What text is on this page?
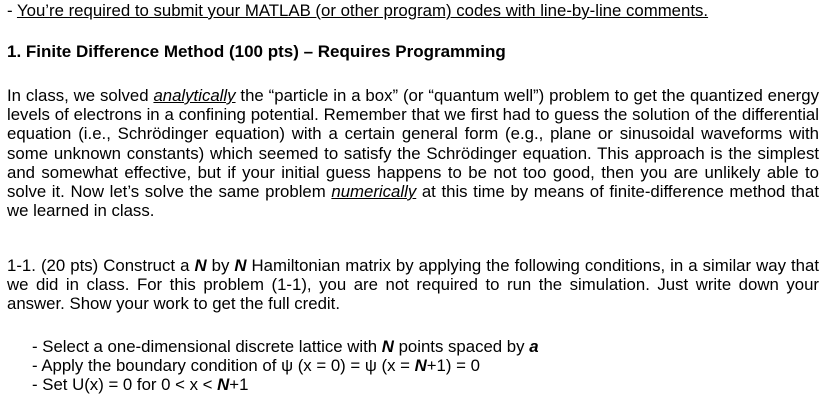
- You’re required to submit your MATLAB (or other program) codes with line-by-line comments.
1. Finite Difference Method (100 pts) – Requires Programming
In class, we solved analytically the “particle in a box” (or “quantum well”) problem to get the quantized energy levels of electrons in a confining potential. Remember that we first had to guess the solution of the differential equation (i.e., Schrödinger equation) with a certain general form (e.g., plane or sinusoidal waveforms with some unknown constants) which seemed to satisfy the Schrödinger equation. This approach is the simplest and somewhat effective, but if your initial guess happens to be not too good, then you are unlikely able to solve it. Now let’s solve the same problem numerically at this time by means of finite-difference method that we learned in class.
1-1. (20 pts) Construct a N by N Hamiltonian matrix by applying the following conditions, in a similar way that we did in class. For this problem (1-1), you are not required to run the simulation. Just write down your answer. Show your work to get the full credit.
- Select a one-dimensional discrete lattice with N points spaced by a
- Apply the boundary condition of ψ (x = 0) = ψ (x = N+1) = 0
- Set U(x) = 0 for 0 < x < N+1
